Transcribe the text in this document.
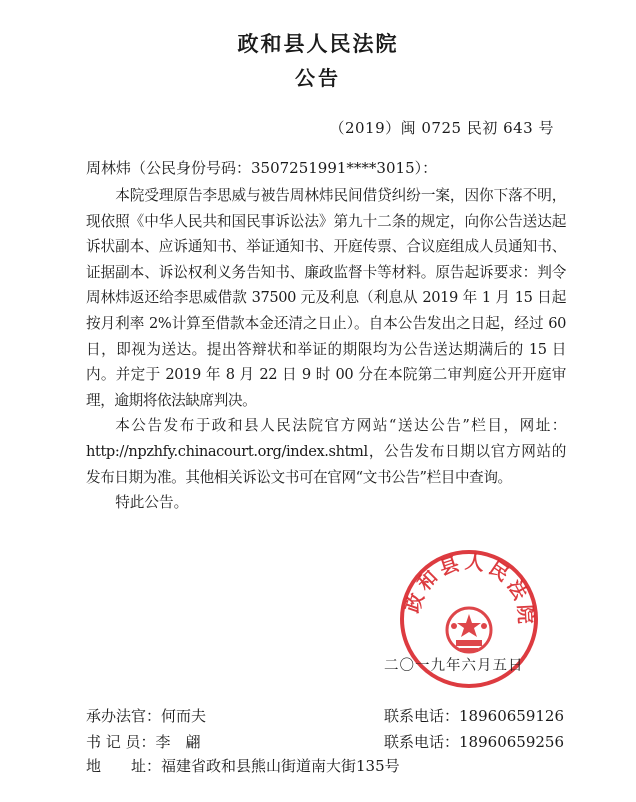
政和县人民法院
公告
（2019）闽 0725 民初 643 号
周林炜（公民身份号码：3507251991****3015）：

本院受理原告李思威与被告周林炜民间借贷纠纷一案，因你下落不明，现依照《中华人民共和国民事诉讼法》第九十二条的规定，向你公告送达起诉状副本、应诉通知书、举证通知书、开庭传票、合议庭组成人员通知书、证据副本、诉讼权利义务告知书、廉政监督卡等材料。原告起诉要求：判令周林炜返还给李思威借款 37500 元及利息（利息从 2019 年 1 月 15 日起按月利率 2%计算至借款本金还清之日止）。自本公告发出之日起，经过 60 日，即视为送达。提出答辩状和举证的期限均为公告送达期满后的 15 日内。并定于 2019 年 8 月 22 日 9 时 00 分在本院第二审判庭公开开庭审理，逾期将依法缺席判决。

本公告发布于政和县人民法院官方网站“送达公告”栏目，网址：http://npzhfy.chinacourt.org/index.shtml，公告发布日期以官方网站的发布日期为准。其他相关诉讼文书可在官网“文书公告”栏目中查询。

特此公告。

政和县人民法院
二〇一九年六月五日
承办法官：何而夫	联系电话：18960659126
书 记 员：李　翩	联系电话：18960659256
地　　址：福建省政和县熊山街道南大街135号
